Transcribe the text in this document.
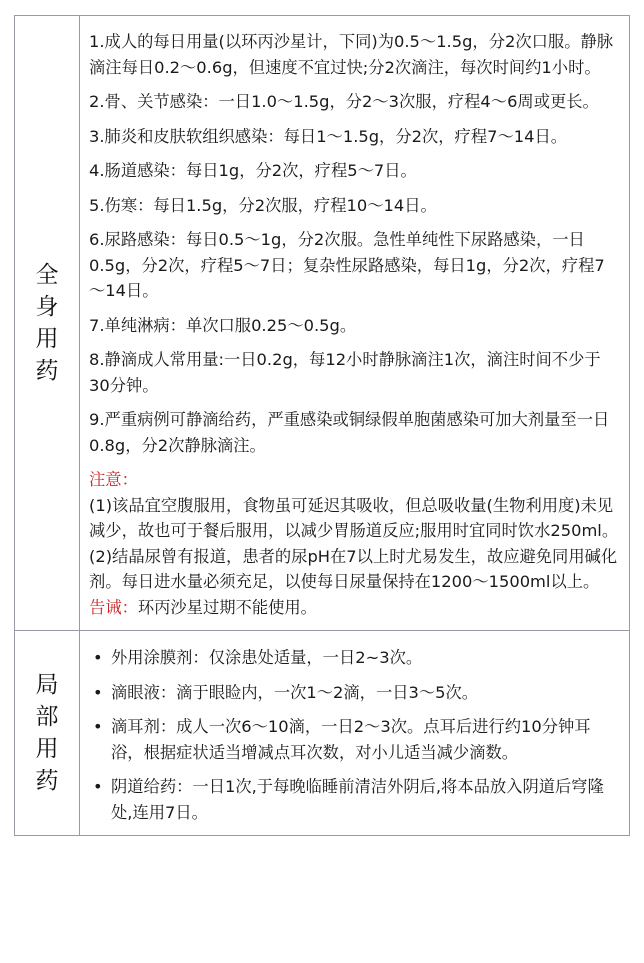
全身用药

1.成人的每日用量(以环丙沙星计，下同)为0.5～1.5g，分2次口服。静脉滴注每日0.2～0.6g，但速度不宜过快;分2次滴注，每次时间约1小时。

2.骨、关节感染：一日1.0～1.5g，分2～3次服，疗程4～6周或更长。

3.肺炎和皮肤软组织感染：每日1～1.5g，分2次，疗程7～14日。

4.肠道感染：每日1g，分2次，疗程5～7日。

5.伤寒：每日1.5g，分2次服，疗程10～14日。

6.尿路感染：每日0.5～1g，分2次服。急性单纯性下尿路感染，一日0.5g，分2次，疗程5～7日；复杂性尿路感染，每日1g，分2次，疗程7～14日。

7.单纯淋病：单次口服0.25～0.5g。

8.静滴成人常用量:一日0.2g，每12小时静脉滴注1次，滴注时间不少于30分钟。

9.严重病例可静滴给药，严重感染或铜绿假单胞菌感染可加大剂量至一日0.8g，分2次静脉滴注。

注意：

(1)该品宜空腹服用，食物虽可延迟其吸收，但总吸收量(生物利用度)未见减少，故也可于餐后服用，以减少胃肠道反应;服用时宜同时饮水250ml。

(2)结晶尿曾有报道，患者的尿pH在7以上时尤易发生，故应避免同用碱化剂。每日进水量必须充足，以使每日尿量保持在1200～1500ml以上。

告诫：环丙沙星过期不能使用。

局部用药
• 外用涂膜剂：仅涂患处适量，一日2~3次。
• 滴眼液：滴于眼睑内，一次1～2滴，一日3～5次。
• 滴耳剂：成人一次6～10滴，一日2～3次。点耳后进行约10分钟耳浴，根据症状适当增减点耳次数，对小儿适当减少滴数。
• 阴道给药：一日1次,于每晚临睡前清洁外阴后,将本品放入阴道后穹隆处,连用7日。
